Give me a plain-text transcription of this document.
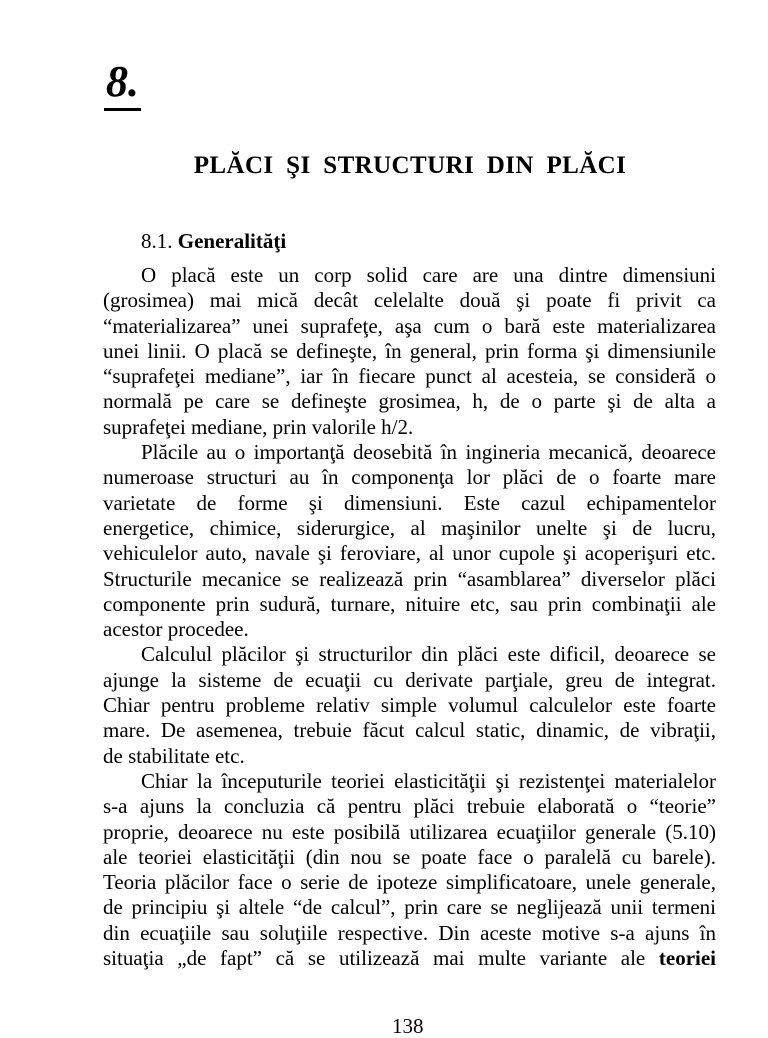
8.
PLĂCI ŞI STRUCTURI DIN PLĂCI
8.1. Generalităţi

O placă este un corp solid care are una dintre dimensiuni
(grosimea) mai mică decât celelalte două şi poate fi privit ca
“materializarea” unei suprafeţe, aşa cum o bară este materializarea
unei linii. O placă se defineşte, în general, prin forma şi dimensiunile
“suprafeţei mediane”, iar în fiecare punct al acesteia, se consideră o
normală pe care se defineşte grosimea, h, de o parte şi de alta a
suprafeţei mediane, prin valorile h/2.

Plăcile au o importanţă deosebită în ingineria mecanică, deoarece
numeroase structuri au în componenţa lor plăci de o foarte mare
varietate de forme şi dimensiuni. Este cazul echipamentelor
energetice, chimice, siderurgice, al maşinilor unelte şi de lucru,
vehiculelor auto, navale şi feroviare, al unor cupole şi acoperişuri etc.
Structurile mecanice se realizează prin “asamblarea” diverselor plăci
componente prin sudură, turnare, nituire etc, sau prin combinaţii ale
acestor procedee.

Calculul plăcilor şi structurilor din plăci este dificil, deoarece se
ajunge la sisteme de ecuaţii cu derivate parţiale, greu de integrat.
Chiar pentru probleme relativ simple volumul calculelor este foarte
mare. De asemenea, trebuie făcut calcul static, dinamic, de vibraţii,
de stabilitate etc.

Chiar la începuturile teoriei elasticităţii şi rezistenţei materialelor
s-a ajuns la concluzia că pentru plăci trebuie elaborată o “teorie”
proprie, deoarece nu este posibilă utilizarea ecuaţiilor generale (5.10)
ale teoriei elasticităţii (din nou se poate face o paralelă cu barele).
Teoria plăcilor face o serie de ipoteze simplificatoare, unele generale,
de principiu şi altele “de calcul”, prin care se neglijează unii termeni
din ecuaţiile sau soluţiile respective. Din aceste motive s-a ajuns în
situaţia „de fapt” că se utilizează mai multe variante ale teoriei

138
